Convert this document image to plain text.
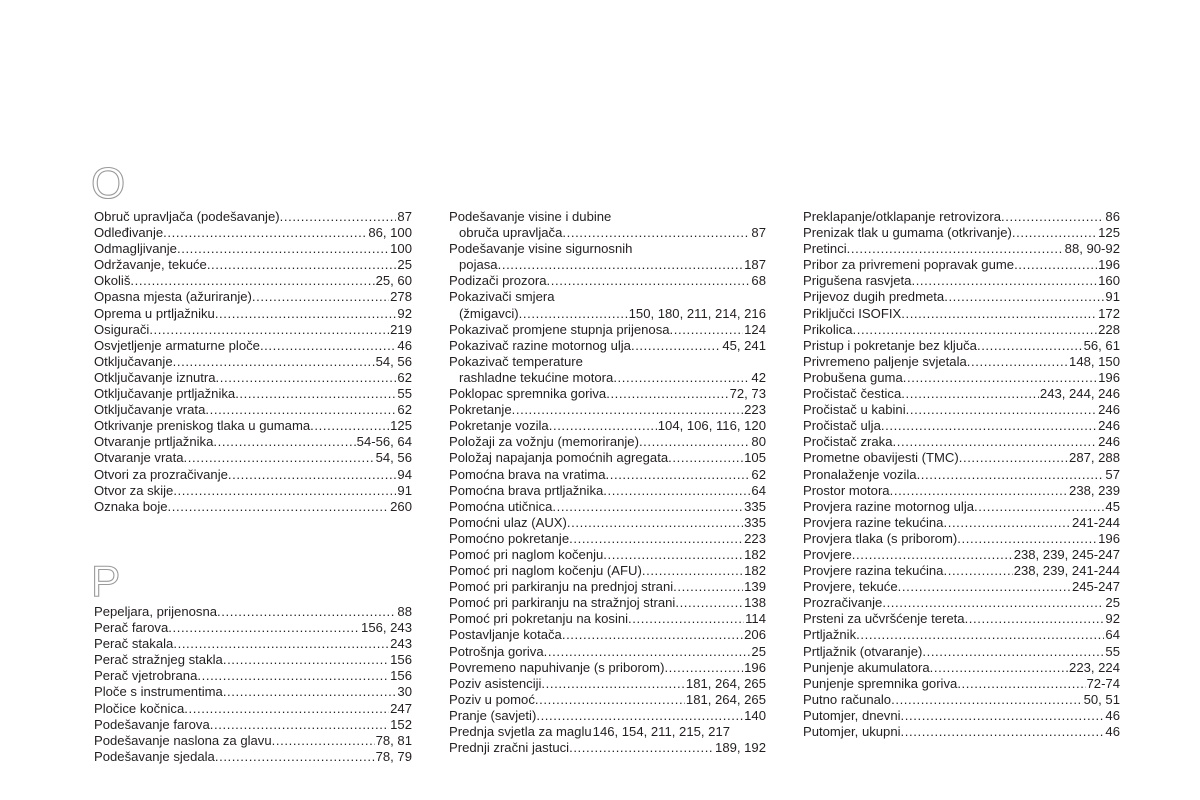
O
Obruč upravljača (podešavanje) .....	87
Odleđivanje .....	86, 100
Odmagljivanje .....	100
Održavanje, tekuće .....	25
Okoliš .....	25, 60
Opasna mjesta (ažuriranje) .....	278
Oprema u prtljažniku .....	92
Osigurači .....	219
Osvjetljenje armaturne ploče .....	46
Otključavanje .....	54, 56
Otključavanje iznutra .....	62
Otključavanje prtljažnika .....	55
Otključavanje vrata .....	62
Otkrivanje preniskog tlaka u gumama .....	125
Otvaranje prtljažnika .....	54-56, 64
Otvaranje vrata .....	54, 56
Otvori za prozračivanje .....	94
Otvor za skije .....	91
Oznaka boje .....	260
P
Pepeljara, prijenosna .....	88
Perač farova .....	156, 243
Perač stakala .....	243
Perač stražnjeg stakla .....	156
Perač vjetrobrana .....	156
Ploče s instrumentima .....	30
Pločice kočnica .....	247
Podešavanje farova .....	152
Podešavanje naslona za glavu .....	78, 81
Podešavanje sjedala .....	78, 79
Podešavanje visine i dubine
obruča upravljača .....	87
Podešavanje visine sigurnosnih
pojasa .....	187
Podizači prozora .....	68
Pokazivači smjera
(žmigavci) .....	150, 180, 211, 214, 216
Pokazivač promjene stupnja prijenosa .....	124
Pokazivač razine motornog ulja .....	45, 241
Pokazivač temperature
rashladne tekućine motora .....	42
Poklopac spremnika goriva .....	72, 73
Pokretanje .....	223
Pokretanje vozila .....	104, 106, 116, 120
Položaji za vožnju (memoriranje) .....	80
Položaj napajanja pomoćnih agregata .....	105
Pomoćna brava na vratima .....	62
Pomoćna brava prtljažnika .....	64
Pomoćna utičnica .....	335
Pomoćni ulaz (AUX) .....	335
Pomoćno pokretanje .....	223
Pomoć pri naglom kočenju .....	182
Pomoć pri naglom kočenju (AFU) .....	182
Pomoć pri parkiranju na prednjoj strani .....	139
Pomoć pri parkiranju na stražnjoj strani .....	138
Pomoć pri pokretanju na kosini .....	114
Postavljanje kotača .....	206
Potrošnja goriva .....	25
Povremeno napuhivanje (s priborom) .....	196
Poziv asistenciji .....	181, 264, 265
Poziv u pomoć .....	181, 264, 265
Pranje (savjeti) .....	140
Prednja svjetla za maglu 146, 154, 211, 215, 217
Prednji zračni jastuci .....	189, 192
Preklapanje/otklapanje retrovizora .....	86
Prenizak tlak u gumama (otkrivanje) .....	125
Pretinci .....	88, 90-92
Pribor za privremeni popravak gume .....	196
Prigušena rasvjeta .....	160
Prijevoz dugih predmeta .....	91
Priključci ISOFIX .....	172
Prikolica .....	228
Pristup i pokretanje bez ključa .....	56, 61
Privremeno paljenje svjetala .....	148, 150
Probušena guma .....	196
Pročistač čestica .....	243, 244, 246
Pročistač u kabini .....	246
Pročistač ulja .....	246
Pročistač zraka .....	246
Prometne obavijesti (TMC) .....	287, 288
Pronalaženje vozila .....	57
Prostor motora .....	238, 239
Provjera razine motornog ulja .....	45
Provjera razine tekućina .....	241-244
Provjera tlaka (s priborom) .....	196
Provjere .....	238, 239, 245-247
Provjere razina tekućina .....	238, 239, 241-244
Provjere, tekuće .....	245-247
Prozračivanje .....	25
Prsteni za učvršćenje tereta .....	92
Prtljažnik .....	64
Prtljažnik (otvaranje) .....	55
Punjenje akumulatora .....	223, 224
Punjenje spremnika goriva .....	72-74
Putno računalo .....	50, 51
Putomjer, dnevni .....	46
Putomjer, ukupni .....	46
